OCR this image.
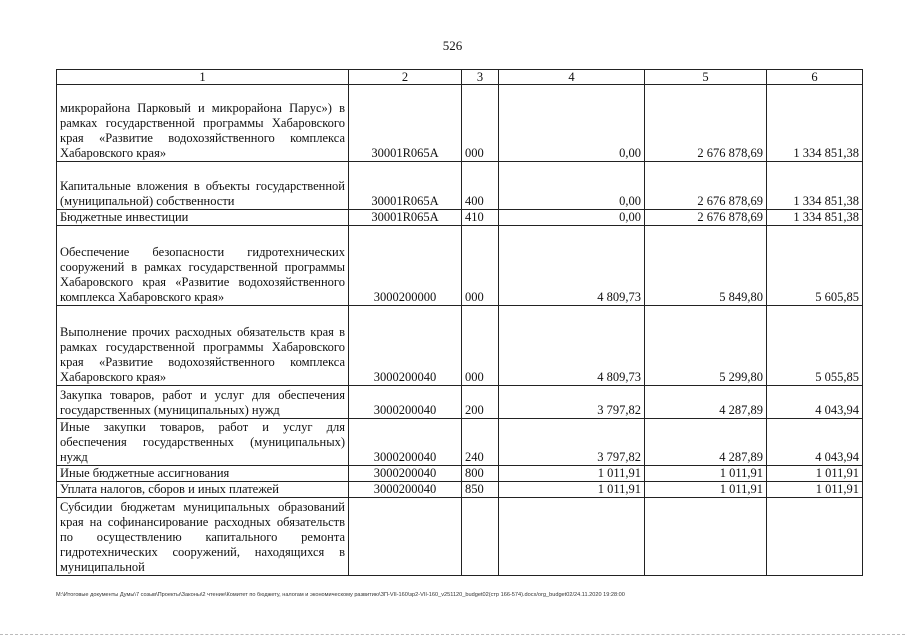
526
1	2	3	4	5	6
микрорайона Парковый и микрорайона Парус») в рамках государственной программы Хабаровского края «Развитие водохозяйственного комплекса Хабаровского края»	30001R065A	000	0,00	2 676 878,69	1 334 851,38
Капитальные вложения в объекты государственной (муниципальной) собственности	30001R065A	400	0,00	2 676 878,69	1 334 851,38
Бюджетные инвестиции	30001R065A	410	0,00	2 676 878,69	1 334 851,38
Обеспечение безопасности гидротехнических сооружений в рамках государственной программы Хабаровского края «Развитие водохозяйственного комплекса Хабаровского края»	3000200000	000	4 809,73	5 849,80	5 605,85
Выполнение прочих расходных обязательств края в рамках государственной программы Хабаровского края «Развитие водохозяйственного комплекса Хабаровского края»	3000200040	000	4 809,73	5 299,80	5 055,85
Закупка товаров, работ и услуг для обеспечения государственных (муниципальных) нужд	3000200040	200	3 797,82	4 287,89	4 043,94
Иные закупки товаров, работ и услуг для обеспечения государственных (муниципальных) нужд	3000200040	240	3 797,82	4 287,89	4 043,94
Иные бюджетные ассигнования	3000200040	800	1 011,91	1 011,91	1 011,91
Уплата налогов, сборов и иных платежей	3000200040	850	1 011,91	1 011,91	1 011,91
Субсидии бюджетам муниципальных образований края на софинансирование расходных обязательств по осуществлению капитального ремонта гидротехнических сооружений, находящихся в муниципальной					
M:\Итоговые документы Думы\7 созыв\Проекты\Законы\2 чтение\Комитет по бюджету, налогам и экономическому развитию\ЗП-VII-160\зр2-VII-160_v251120_budget02(стр 166-574).docx/org_budget02/24.11.2020 19:28:00
